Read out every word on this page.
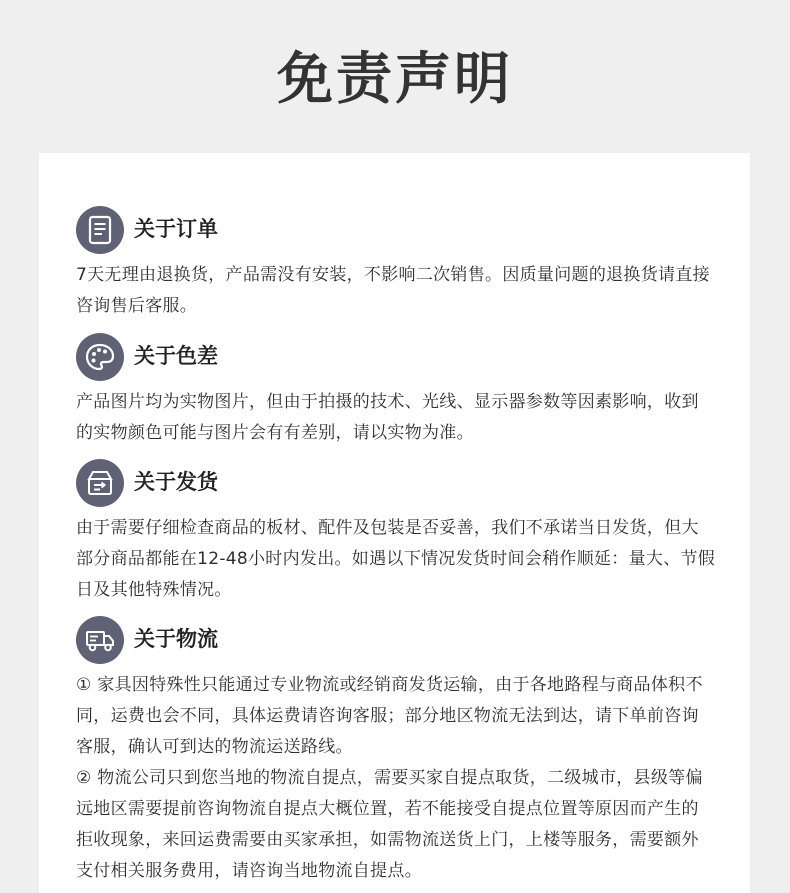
免责声明
关于订单

7天无理由退换货，产品需没有安装，不影响二次销售。因质量问题的退换货请直接咨询售后客服。

关于色差

产品图片均为实物图片，但由于拍摄的技术、光线、显示器参数等因素影响，收到的实物颜色可能与图片会有有差别，请以实物为准。

关于发货

由于需要仔细检查商品的板材、配件及包装是否妥善，我们不承诺当日发货，但大部分商品都能在12-48小时内发出。如遇以下情况发货时间会稍作顺延：量大、节假日及其他特殊情况。

关于物流

① 家具因特殊性只能通过专业物流或经销商发货运输，由于各地路程与商品体积不同，运费也会不同，具体运费请咨询客服；部分地区物流无法到达，请下单前咨询客服，确认可到达的物流运送路线。

② 物流公司只到您当地的物流自提点，需要买家自提点取货，二级城市，县级等偏远地区需要提前咨询物流自提点大概位置，若不能接受自提点位置等原因而产生的拒收现象，来回运费需要由买家承担，如需物流送货上门，上楼等服务，需要额外支付相关服务费用，请咨询当地物流自提点。
